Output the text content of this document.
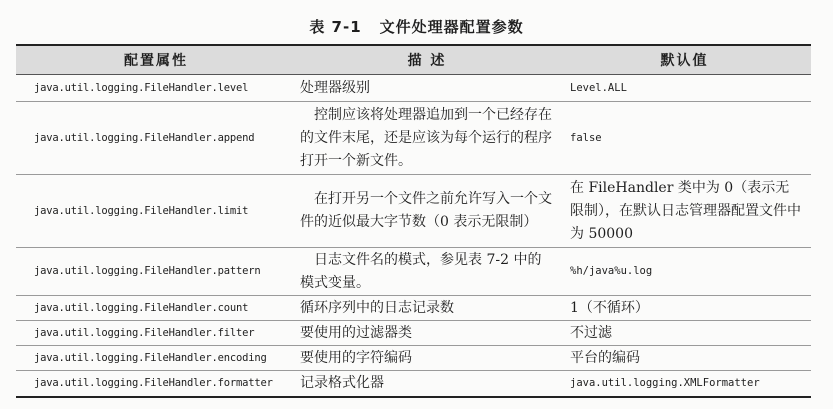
表 7-1 文件处理器配置参数
配置属性	描 述	默认值
java.util.logging.FileHandler.level	处理器级别	Level.ALL
java.util.logging.FileHandler.append	　控制应该将处理器追加到一个已经存在的文件末尾，还是应该为每个运行的程序打开一个新文件。	false
java.util.logging.FileHandler.limit	　在打开另一个文件之前允许写入一个文件的近似最大字节数（0 表示无限制）	在 FileHandler 类中为 0（表示无限制），在默认日志管理器配置文件中为 50000
java.util.logging.FileHandler.pattern	　日志文件名的模式，参见表 7-2 中的模式变量。	%h/java%u.log
java.util.logging.FileHandler.count	循环序列中的日志记录数	1（不循环）
java.util.logging.FileHandler.filter	要使用的过滤器类	不过滤
java.util.logging.FileHandler.encoding	要使用的字符编码	平台的编码
java.util.logging.FileHandler.formatter	记录格式化器	java.util.logging.XMLFormatter
